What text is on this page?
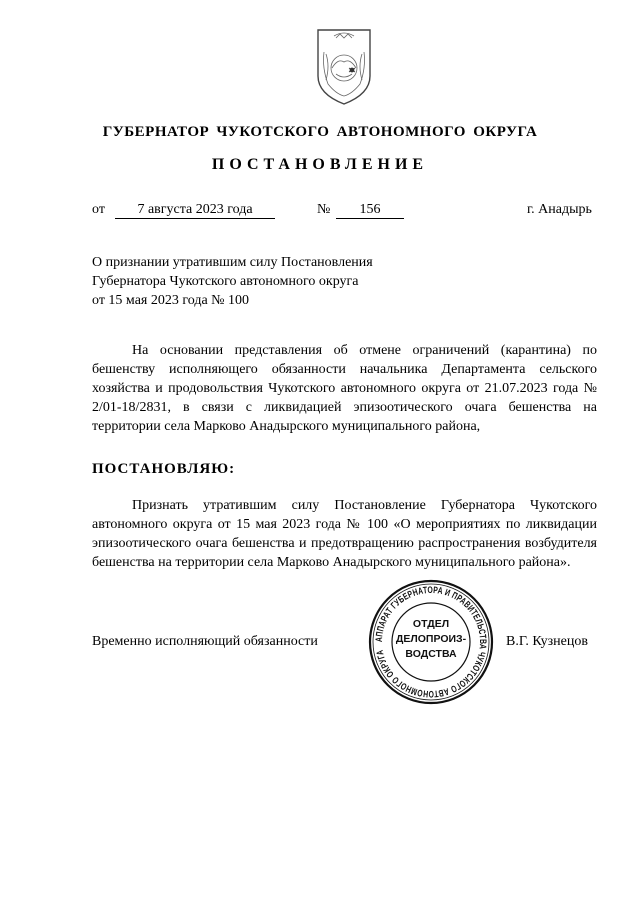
ГУБЕРНАТОР ЧУКОТСКОГО АВТОНОМНОГО ОКРУГА
ПОСТАНОВЛЕНИЕ
от	7 августа 2023 года	№	156	г. Анадырь
О признании утратившим силу Постановления
Губернатора Чукотского автономного округа
от 15 мая 2023 года № 100
На основании представления об отмене ограничений (карантина) по бешенству исполняющего обязанности начальника Департамента сельского хозяйства и продовольствия Чукотского автономного округа от 21.07.2023 года № 2/01-18/2831, в связи с ликвидацией эпизоотического очага бешенства на территории села Марково Анадырского муниципального района,
ПОСТАНОВЛЯЮ:
Признать утратившим силу Постановление Губернатора Чукотского автономного округа от 15 мая 2023 года № 100 «О мероприятиях по ликвидации эпизоотического очага бешенства и предотвращению распространения возбудителя бешенства на территории села Марково Анадырского муниципального района».
Временно исполняющий обязанности	В.Г. Кузнецов
АППАРАТ ГУБЕРНАТОРА И ПРАВИТЕЛЬСТВА ЧУКОТСКОГО АВТОНОМНОГО ОКРУГА
ОТДЕЛ
ДЕЛОПРОИЗ-
ВОДСТВА
